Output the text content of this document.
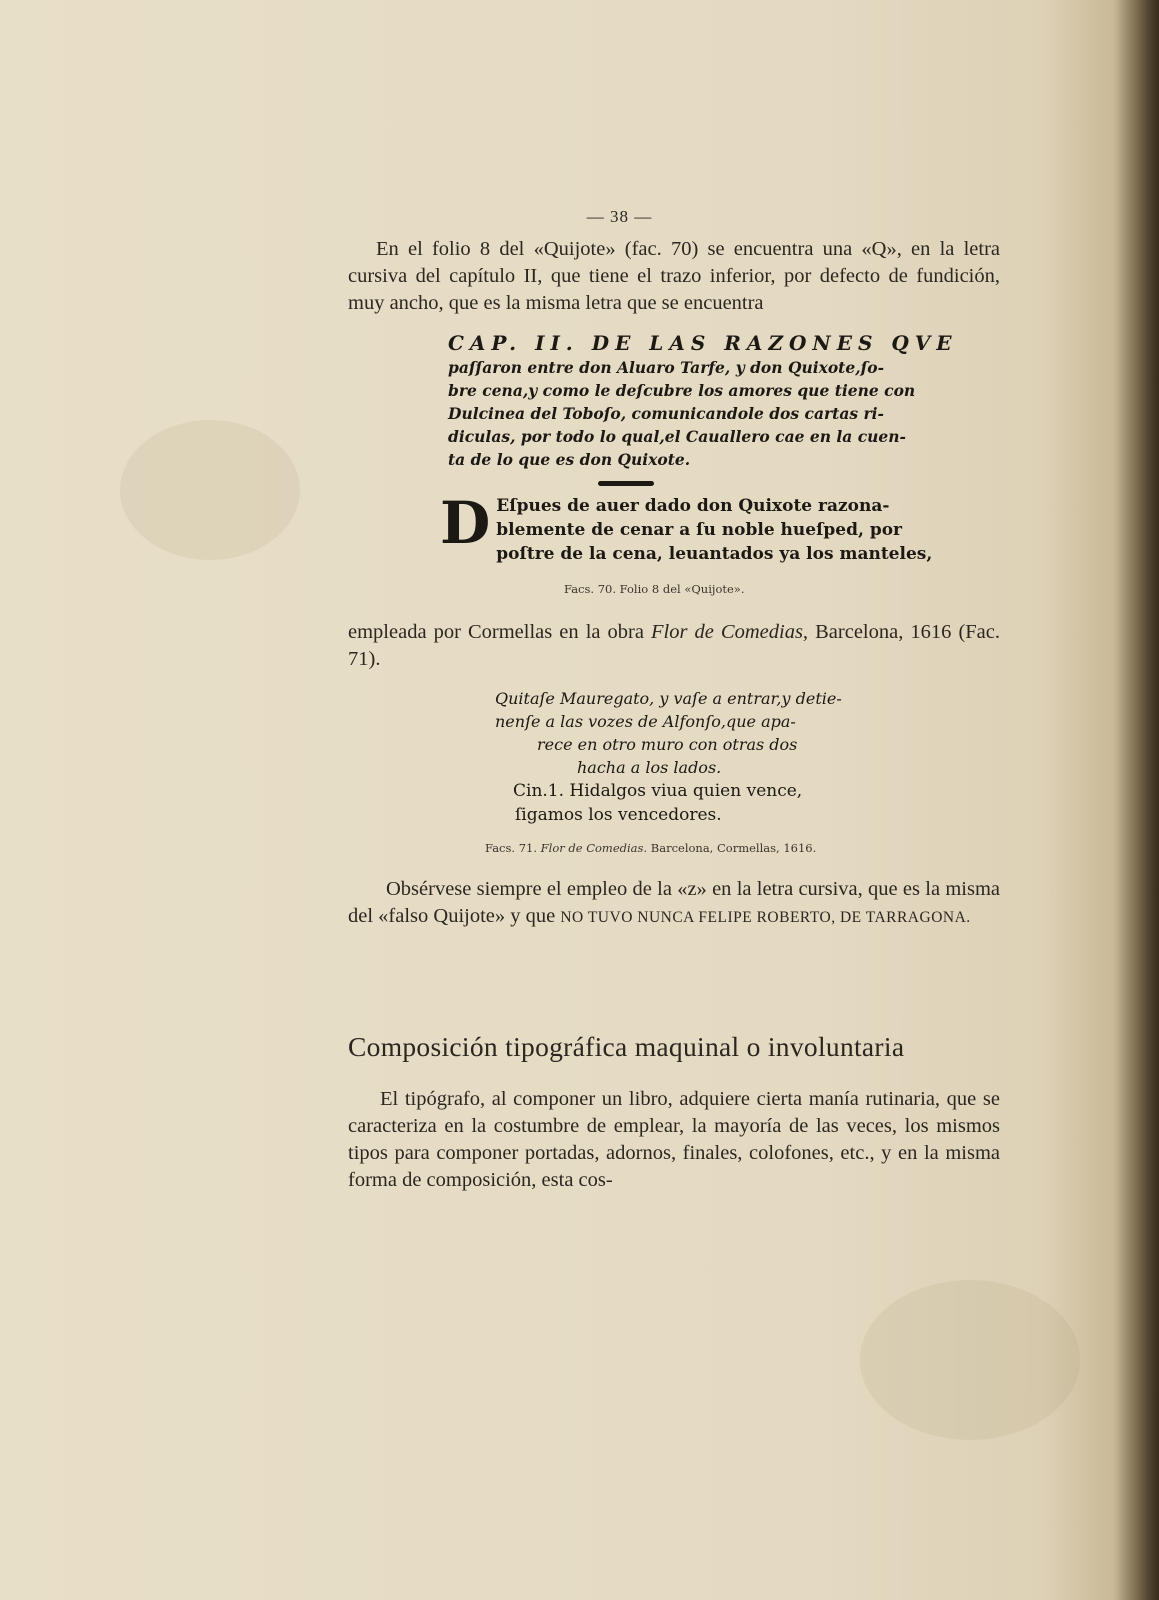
— 38 —

En el folio 8 del «Quijote» (fac. 70) se encuentra una «Q», en la letra cursiva del capítulo II, que tiene el trazo inferior, por defecto de fundición, muy ancho, que es la misma letra que se encuentra

CAP. II. DE LAS RAZONES QVE
paſſaron entre don Aluaro Tarfe, y don Quixote,ſo-
bre cena,y como le deſcubre los amores que tiene con
Dulcinea del Toboſo, comunicandole dos cartas ri-
diculas, por todo lo qual,el Cauallero cae en la cuen-
ta de lo que es don Quixote.
D Eſpues de auer dado don Quixote razona-
blemente de cenar a ſu noble hueſped, por
poſtre de la cena, leuantados ya los manteles,
Facs. 70. Folio 8 del «Quijote».

empleada por Cormellas en la obra Flor de Comedias, Barcelona, 1616 (Fac. 71).

Quitaſe Mauregato, y vaſe a entrar,y detie-
nenſe a las vozes de Alfonſo,que apa-
rece en otro muro con otras dos
hacha a los lados.
Cin.1. Hidalgos viua quien vence,
ſigamos los vencedores.
Facs. 71. Flor de Comedias. Barcelona, Cormellas, 1616.

Obsérvese siempre el empleo de la «z» en la letra cursiva, que es la misma del «falso Quijote» y que NO TUVO NUNCA FELIPE ROBERTO, DE TARRAGONA.

Composición tipográfica maquinal o involuntaria

El tipógrafo, al componer un libro, adquiere cierta manía rutinaria, que se caracteriza en la costumbre de emplear, la mayoría de las veces, los mismos tipos para componer portadas, adornos, finales, colofones, etc., y en la misma forma de composición, esta cos-
